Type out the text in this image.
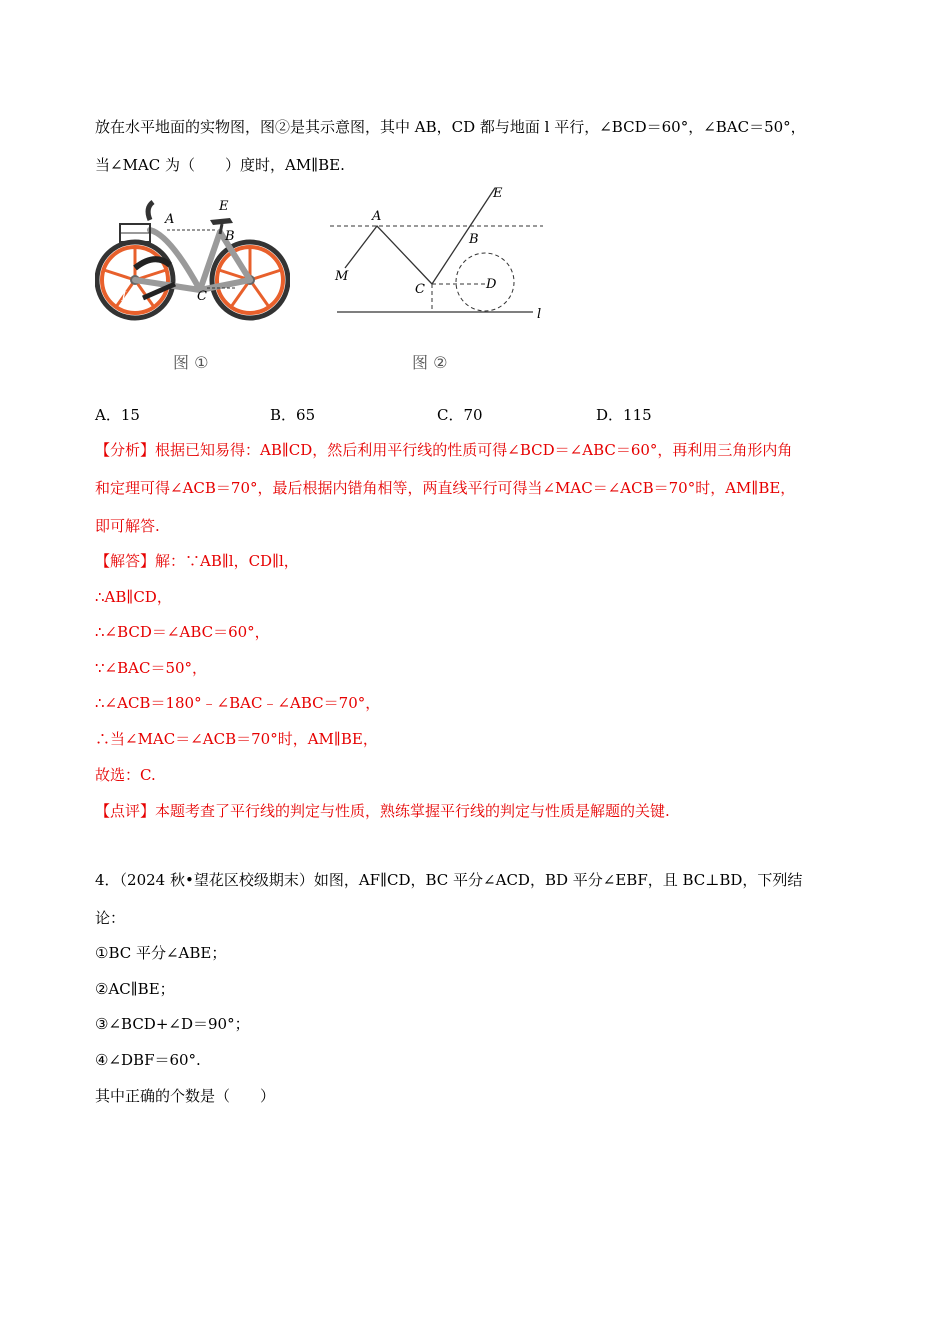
放在水平地面的实物图，图②是其示意图，其中 AB，CD 都与地面 l 平行，∠BCD＝60°，∠BAC＝50°，
当∠MAC 为（　　）度时，AM∥BE.
A
E
B
M	C	D
E
A
B
M
C	D
l
图 ①	图 ②
A．15	B．65	C．70	D．115
【分析】根据已知易得：AB∥CD，然后利用平行线的性质可得∠BCD＝∠ABC＝60°，再利用三角形内角
和定理可得∠ACB＝70°，最后根据内错角相等，两直线平行可得当∠MAC＝∠ACB＝70°时，AM∥BE，
即可解答.
【解答】解：∵AB∥l，CD∥l，
∴AB∥CD，
∴∠BCD＝∠ABC＝60°，
∵∠BAC＝50°，
∴∠ACB＝180°﹣∠BAC﹣∠ABC＝70°，
∴当∠MAC＝∠ACB＝70°时，AM∥BE，
故选：C.
【点评】本题考查了平行线的判定与性质，熟练掌握平行线的判定与性质是解题的关键.
4．（2024 秋•望花区校级期末）如图，AF∥CD，BC 平分∠ACD，BD 平分∠EBF，且 BC⊥BD，下列结
论：
①BC 平分∠ABE；
②AC∥BE；
③∠BCD+∠D＝90°；
④∠DBF＝60°.
其中正确的个数是（　　）
